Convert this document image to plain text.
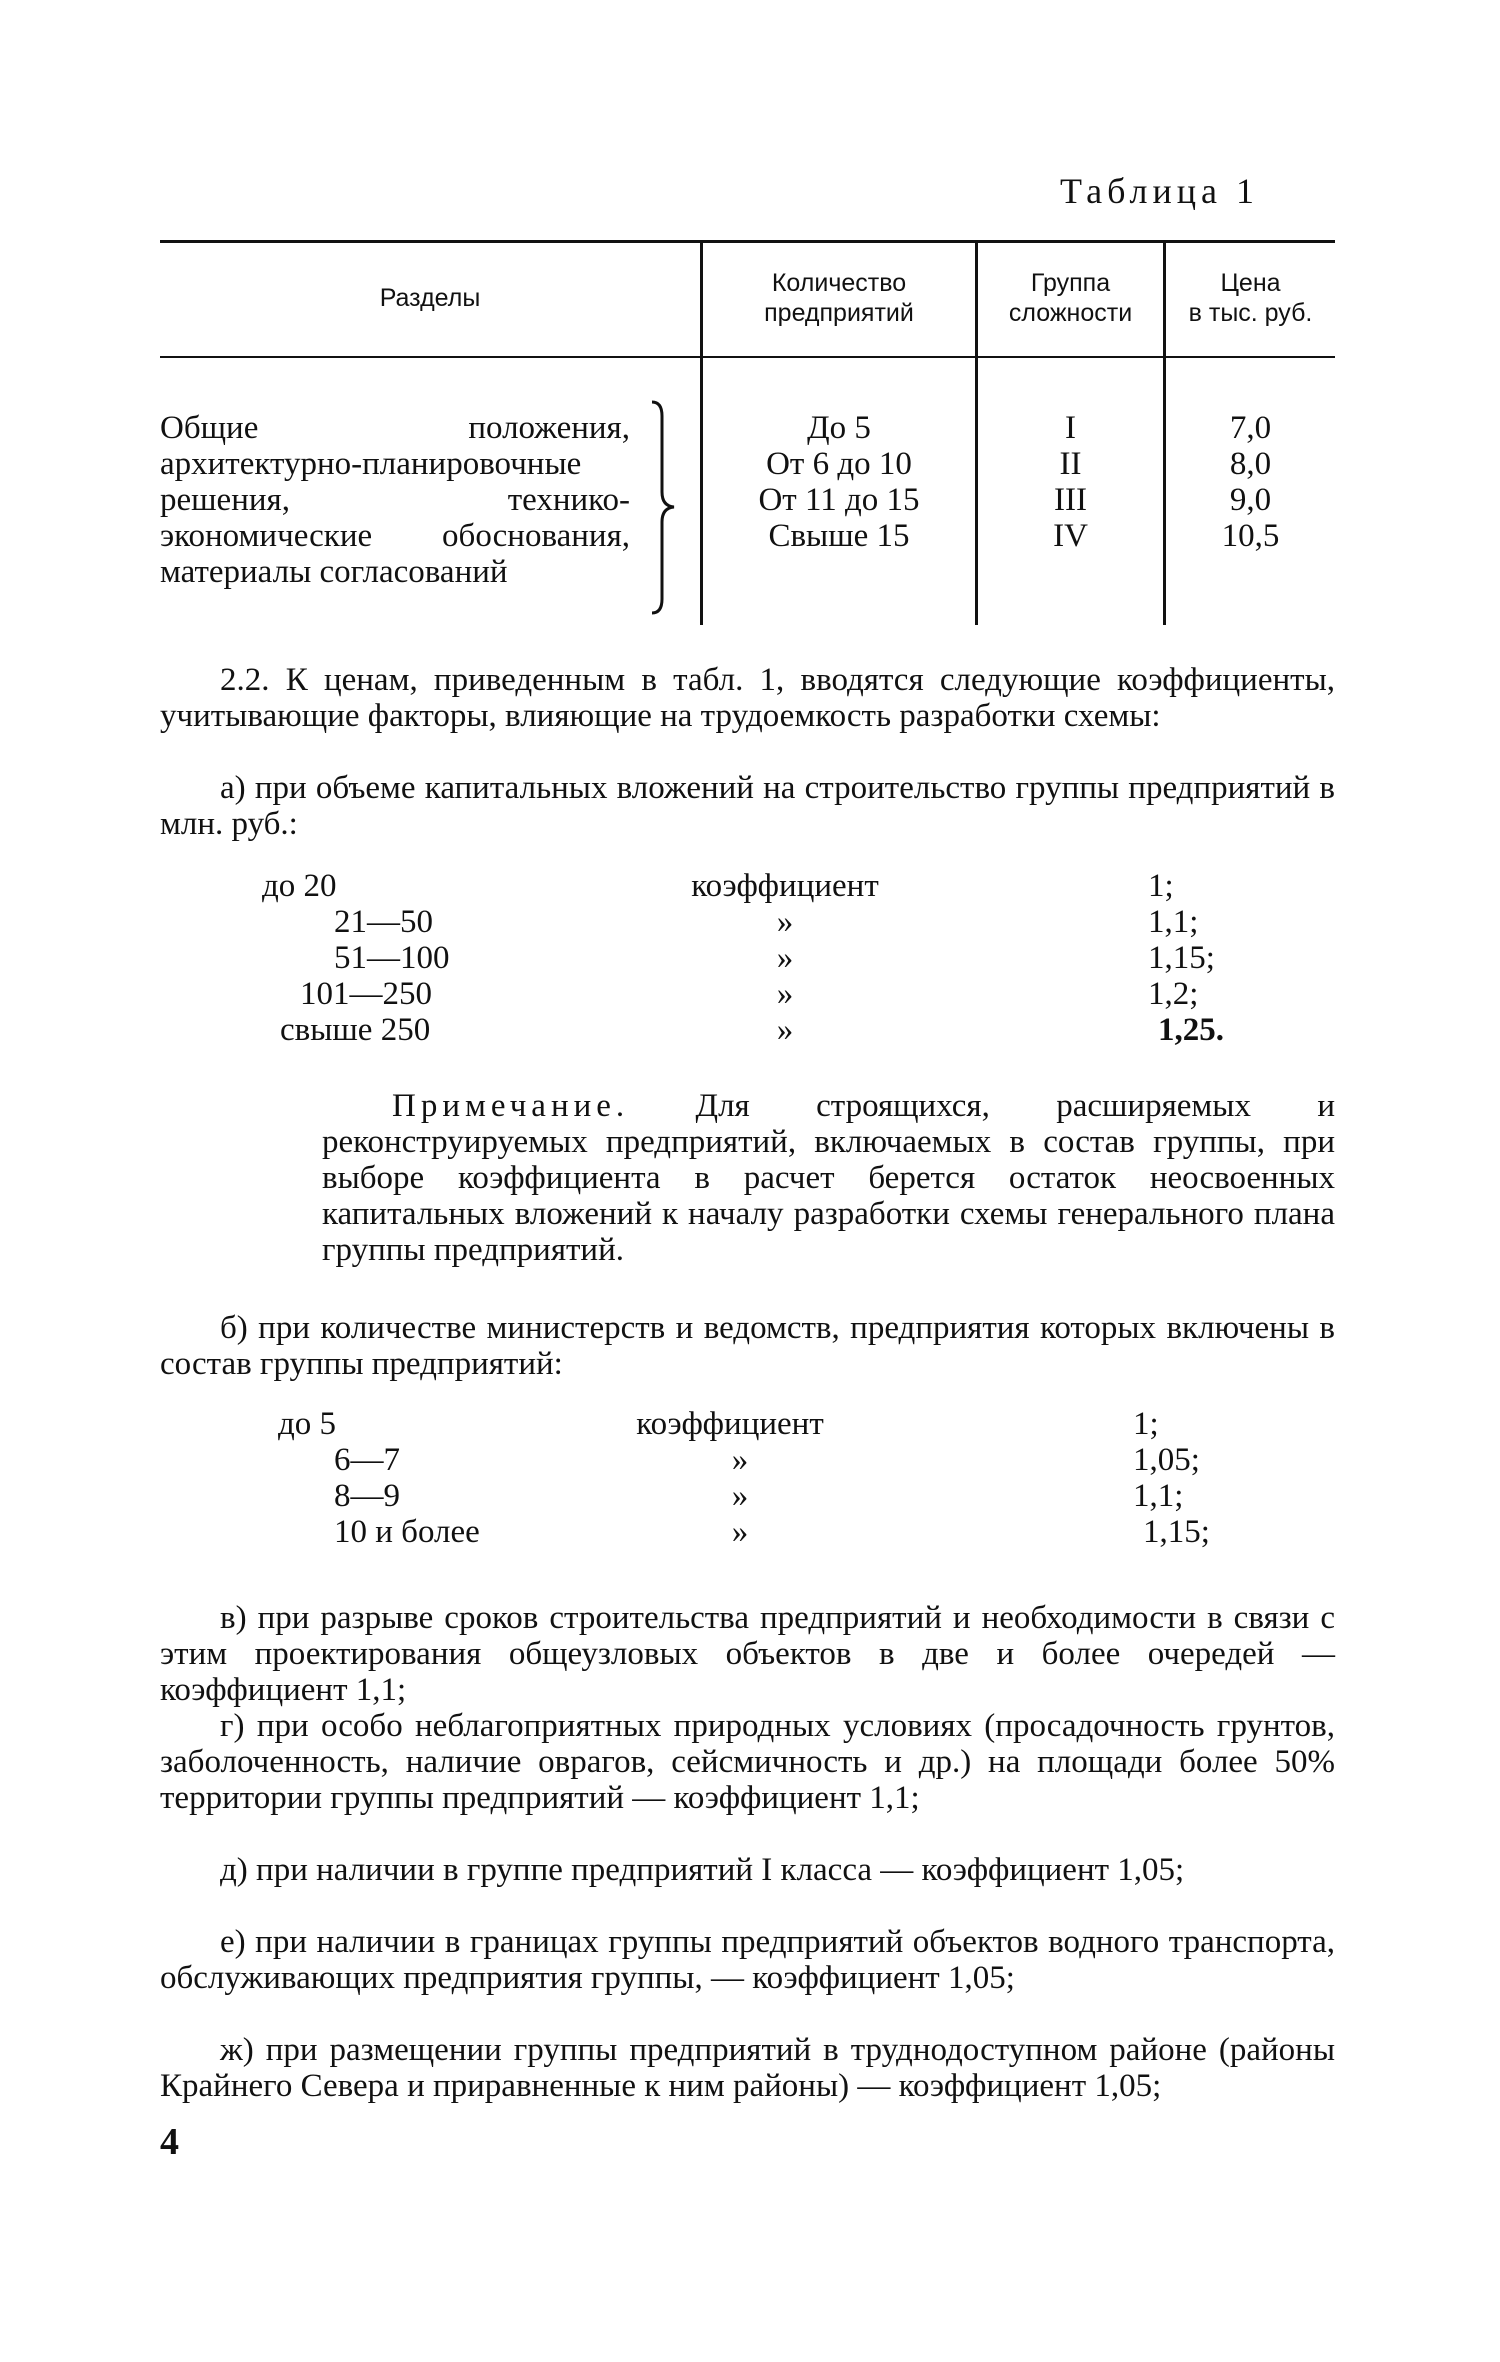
Таблица 1
Разделы
Количество
предприятий
Группа
сложности
Цена
в тыс. руб.
Общие положения, архитектурно-планировочные решения, технико-экономические обоснования, материалы согласований
До 5
От 6 до 10
От 11 до 15
Свыше 15
I
II
III
IV
7,0
8,0
9,0
10,5
2.2. К ценам, приведенным в табл. 1, вводятся следующие коэффициенты, учитывающие факторы, влияющие на трудоемкость разработки схемы:
а) при объеме капитальных вложений на строительство группы предприятий в млн. руб.:
до 20
21—50
51—100
101—250
свыше 250
коэффициент
»
»
»
»
1;
1,1;
1,15;
1,2;
1,25.
Примечание. Для строящихся, расширяемых и реконструируемых предприятий, включаемых в состав группы, при выборе коэффициента в расчет берется остаток неосвоенных капитальных вложений к началу разработки схемы генерального плана группы предприятий.
б) при количестве министерств и ведомств, предприятия которых включены в состав группы предприятий:
до 5
6—7
8—9
10 и более
коэффициент
»
»
»
1;
1,05;
1,1;
1,15;
в) при разрыве сроков строительства предприятий и необходимости в связи с этим проектирования общеузловых объектов в две и более очередей — коэффициент 1,1;
г) при особо неблагоприятных природных условиях (просадочность грунтов, заболоченность, наличие оврагов, сейсмичность и др.) на площади более 50% территории группы предприятий — коэффициент 1,1;
д) при наличии в группе предприятий I класса — коэффициент 1,05;
е) при наличии в границах группы предприятий объектов водного транспорта, обслуживающих предприятия группы, — коэффициент 1,05;
ж) при размещении группы предприятий в труднодоступном районе (районы Крайнего Севера и приравненные к ним районы) — коэффициент 1,05;
4
